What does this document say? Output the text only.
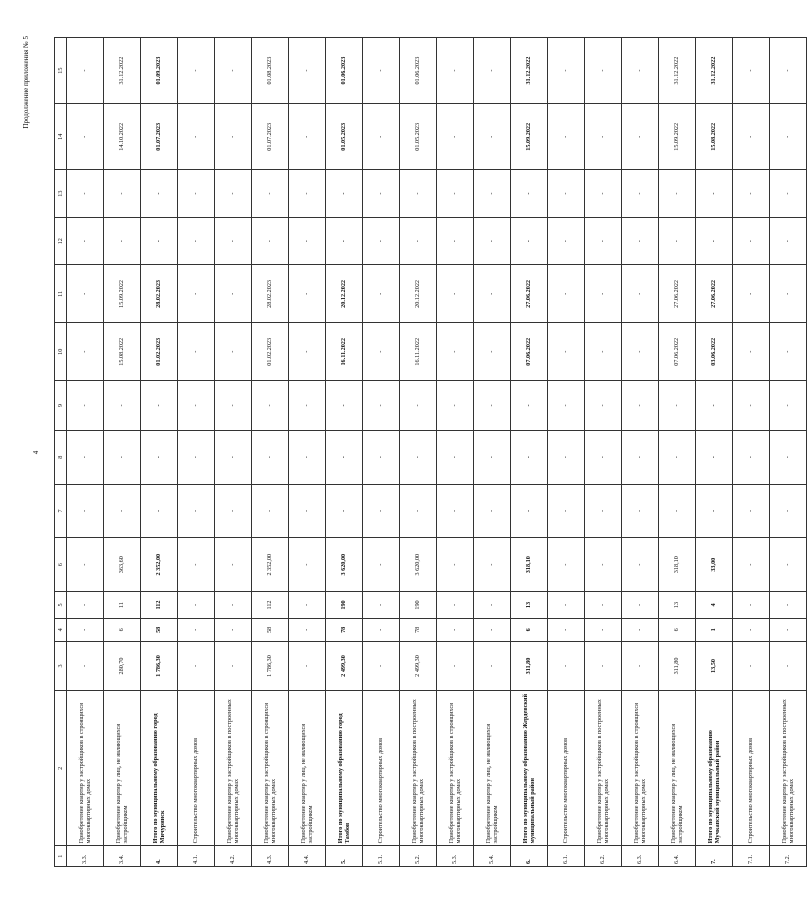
4
Продолжение приложения № 5
1	2	3	4	5	6	7	8	9	10	11	12	13	14	15
3.3.	Приобретение квартир у застройщиков в строящихся многоквартирных домах	-	-	-	-	-	-	-	-	-	-	-	-	-
3.4.	Приобретение квартир у лиц, не являющихся застройщиком	280,70	6	11	363,60	-	-	-	15.08.2022	15.09.2022	-	-	14.10.2022	31.12.2022
4.	Итого по муниципальному образованию город Мичуринск	1 786,30	58	112	2 352,00	-	-	-	01.02.2023	28.02.2023	-	-	01.07.2023	01.09.2023
4.1.	Строительство многоквартирных домов	-	-	-	-	-	-	-	-	-	-	-	-	-
4.2.	Приобретение квартир у застройщиков в построенных многоквартирных домах	-	-	-	-	-	-	-	-	-	-	-	-	-
4.3.	Приобретение квартир у застройщиков в строящихся многоквартирных домах	1 786,30	58	112	2 352,00	-	-	-	01.02.2023	28.02.2023	-	-	01.07.2023	01.08.2023
4.4.	Приобретение квартир у лиц, не являющихся застройщиком	-	-	-	-	-	-	-	-	-	-	-	-	-
5.	Итого по муниципальному образованию город Тамбов	2 499,30	78	190	3 620,00	-	-	-	16.11.2022	20.12.2022	-	-	01.05.2023	01.06.2023
5.1.	Строительство многоквартирных домов	-	-	-	-	-	-	-	-	-	-	-	-	-
5.2.	Приобретение квартир у застройщиков в построенных многоквартирных домах	2 499,30	78	190	3 620,00	-	-	-	16.11.2022	20.12.2022	-	-	01.05.2023	01.06.2023
5.3.	Приобретение квартир у застройщиков в строящихся многоквартирных домах	-	-	-	-	-	-	-	-	-	-	-	-	-
5.4.	Приобретение квартир у лиц, не являющихся застройщиком	-	-	-	-	-	-	-	-	-	-	-	-	-
6.	Итого по муниципальному образованию Жердевский муниципальный район	311,80	6	13	318,10	-	-	-	07.06.2022	27.06.2022	-	-	15.09.2022	31.12.2022
6.1.	Строительство многоквартирных домов	-	-	-	-	-	-	-	-	-	-	-	-	-
6.2.	Приобретение квартир у застройщиков в построенных многоквартирных домах	-	-	-	-	-	-	-	-	-	-	-	-	-
6.3.	Приобретение квартир у застройщиков в строящихся многоквартирных домах	-	-	-	-	-	-	-	-	-	-	-	-	-
6.4.	Приобретение квартир у лиц, не являющихся застройщиком	311,80	6	13	318,10	-	-	-	07.06.2022	27.06.2022	-	-	15.09.2022	31.12.2022
7.	Итого по муниципальному образованию Мучкапский муниципальный район	13,50	1	4	33,00	-	-	-	03.06.2022	27.06.2022	-	-	15.08.2022	31.12.2022
7.1.	Строительство многоквартирных домов	-	-	-	-	-	-	-	-	-	-	-	-	-
7.2.	Приобретение квартир у застройщиков в построенных многоквартирных домах	-	-	-	-	-	-	-	-	-	-	-	-	-
